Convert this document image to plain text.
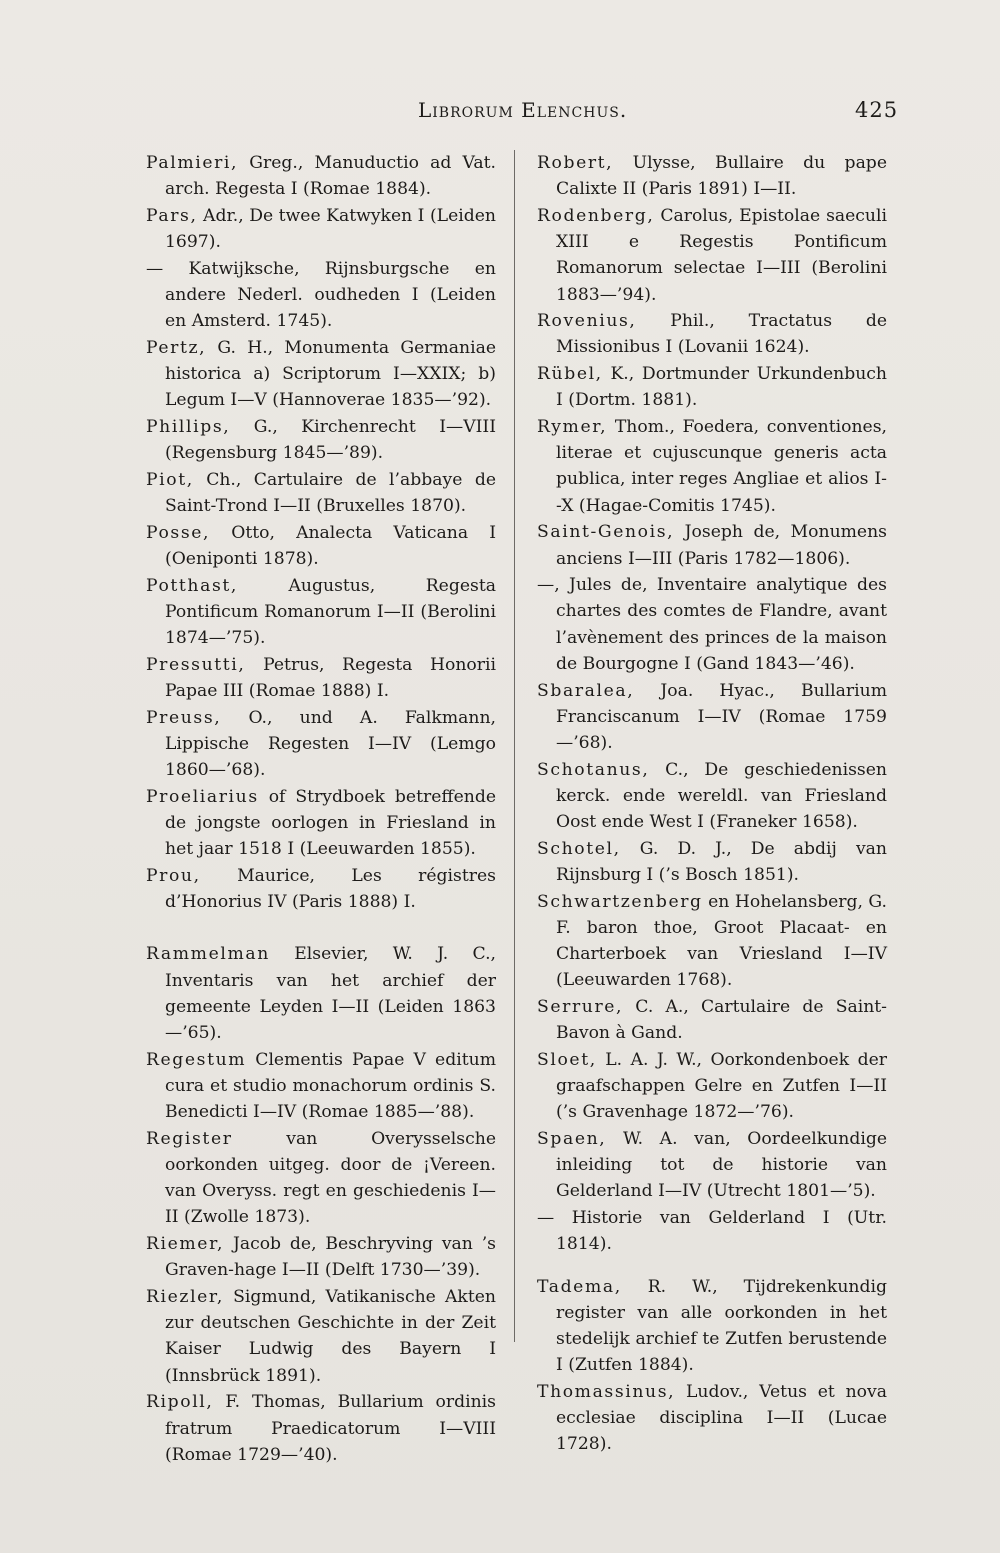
Librorum Elenchus.	425

Palmieri, Greg., Manuductio ad Vat. arch. Regesta I (Romae 1884).

Pars, Adr., De twee Katwyken I (Leiden 1697).

— Katwijksche, Rijnsburgsche en andere Nederl. oudheden I (Leiden en Amsterd. 1745).

Pertz, G. H., Monumenta Germaniae historica a) Scriptorum I—XXIX; b) Legum I—V (Hannoverae 1835—’92).

Phillips, G., Kirchenrecht I—VIII (Regensburg 1845—’89).

Piot, Ch., Cartulaire de l’abbaye de Saint-Trond I—II (Bruxelles 1870).

Posse, Otto, Analecta Vaticana I (Oeniponti 1878).

Potthast, Augustus, Regesta Pontificum Romanorum I—II (Berolini 1874—’75).

Pressutti, Petrus, Regesta Honorii Papae III (Romae 1888) I.

Preuss, O., und A. Falkmann, Lippische Regesten I—IV (Lemgo 1860—’68).

Proeliarius of Strydboek betreffende de jongste oorlogen in Friesland in het jaar 1518 I (Leeuwarden 1855).

Prou, Maurice, Les régistres d’Honorius IV (Paris 1888) I.

Rammelman Elsevier, W. J. C., Inventaris van het archief der gemeente Leyden I—II (Leiden 1863—’65).

Regestum Clementis Papae V editum cura et studio monachorum ordinis S. Benedicti I—IV (Romae 1885—’88).

Register van Overysselsche oorkonden uitgeg. door de ¡Vereen. van Overyss. regt en geschiedenis I—II (Zwolle 1873).

Riemer, Jacob de, Beschryving van ’s Graven-hage I—II (Delft 1730—’39).

Riezler, Sigmund, Vatikanische Akten zur deutschen Geschichte in der Zeit Kaiser Ludwig des Bayern I (Innsbrück 1891).

Ripoll, F. Thomas, Bullarium ordinis fratrum Praedicatorum I—VIII (Romae 1729—’40).

Robert, Ulysse, Bullaire du pape Calixte II (Paris 1891) I—II.

Rodenberg, Carolus, Epistolae saeculi XIII e Regestis Pontificum Romanorum selectae I—III (Berolini 1883—’94).

Rovenius, Phil., Tractatus de Missionibus I (Lovanii 1624).

Rübel, K., Dortmunder Urkundenbuch I (Dortm. 1881).

Rymer, Thom., Foedera, conventiones, literae et cujuscunque generis acta publica, inter reges Angliae et alios I--X (Hagae-Comitis 1745).

Saint-Genois, Joseph de, Monumens anciens I—III (Paris 1782—1806).

—, Jules de, Inventaire analytique des chartes des comtes de Flandre, avant l’avènement des princes de la maison de Bourgogne I (Gand 1843—’46).

Sbaralea, Joa. Hyac., Bullarium Franciscanum I—IV (Romae 1759—’68).

Schotanus, C., De geschiedenissen kerck. ende wereldl. van Friesland Oost ende West I (Franeker 1658).

Schotel, G. D. J., De abdij van Rijnsburg I (’s Bosch 1851).

Schwartzenberg en Hohelansberg, G. F. baron thoe, Groot Placaat- en Charterboek van Vriesland I—IV (Leeuwarden 1768).

Serrure, C. A., Cartulaire de Saint-Bavon à Gand.

Sloet, L. A. J. W., Oorkondenboek der graafschappen Gelre en Zutfen I—II (’s Gravenhage 1872—’76).

Spaen, W. A. van, Oordeelkundige inleiding tot de historie van Gelderland I—IV (Utrecht 1801—’5).

— Historie van Gelderland I (Utr. 1814).

Tadema, R. W., Tijdrekenkundig register van alle oorkonden in het stedelijk archief te Zutfen berustende I (Zutfen 1884).

Thomassinus, Ludov., Vetus et nova ecclesiae disciplina I—II (Lucae 1728).
